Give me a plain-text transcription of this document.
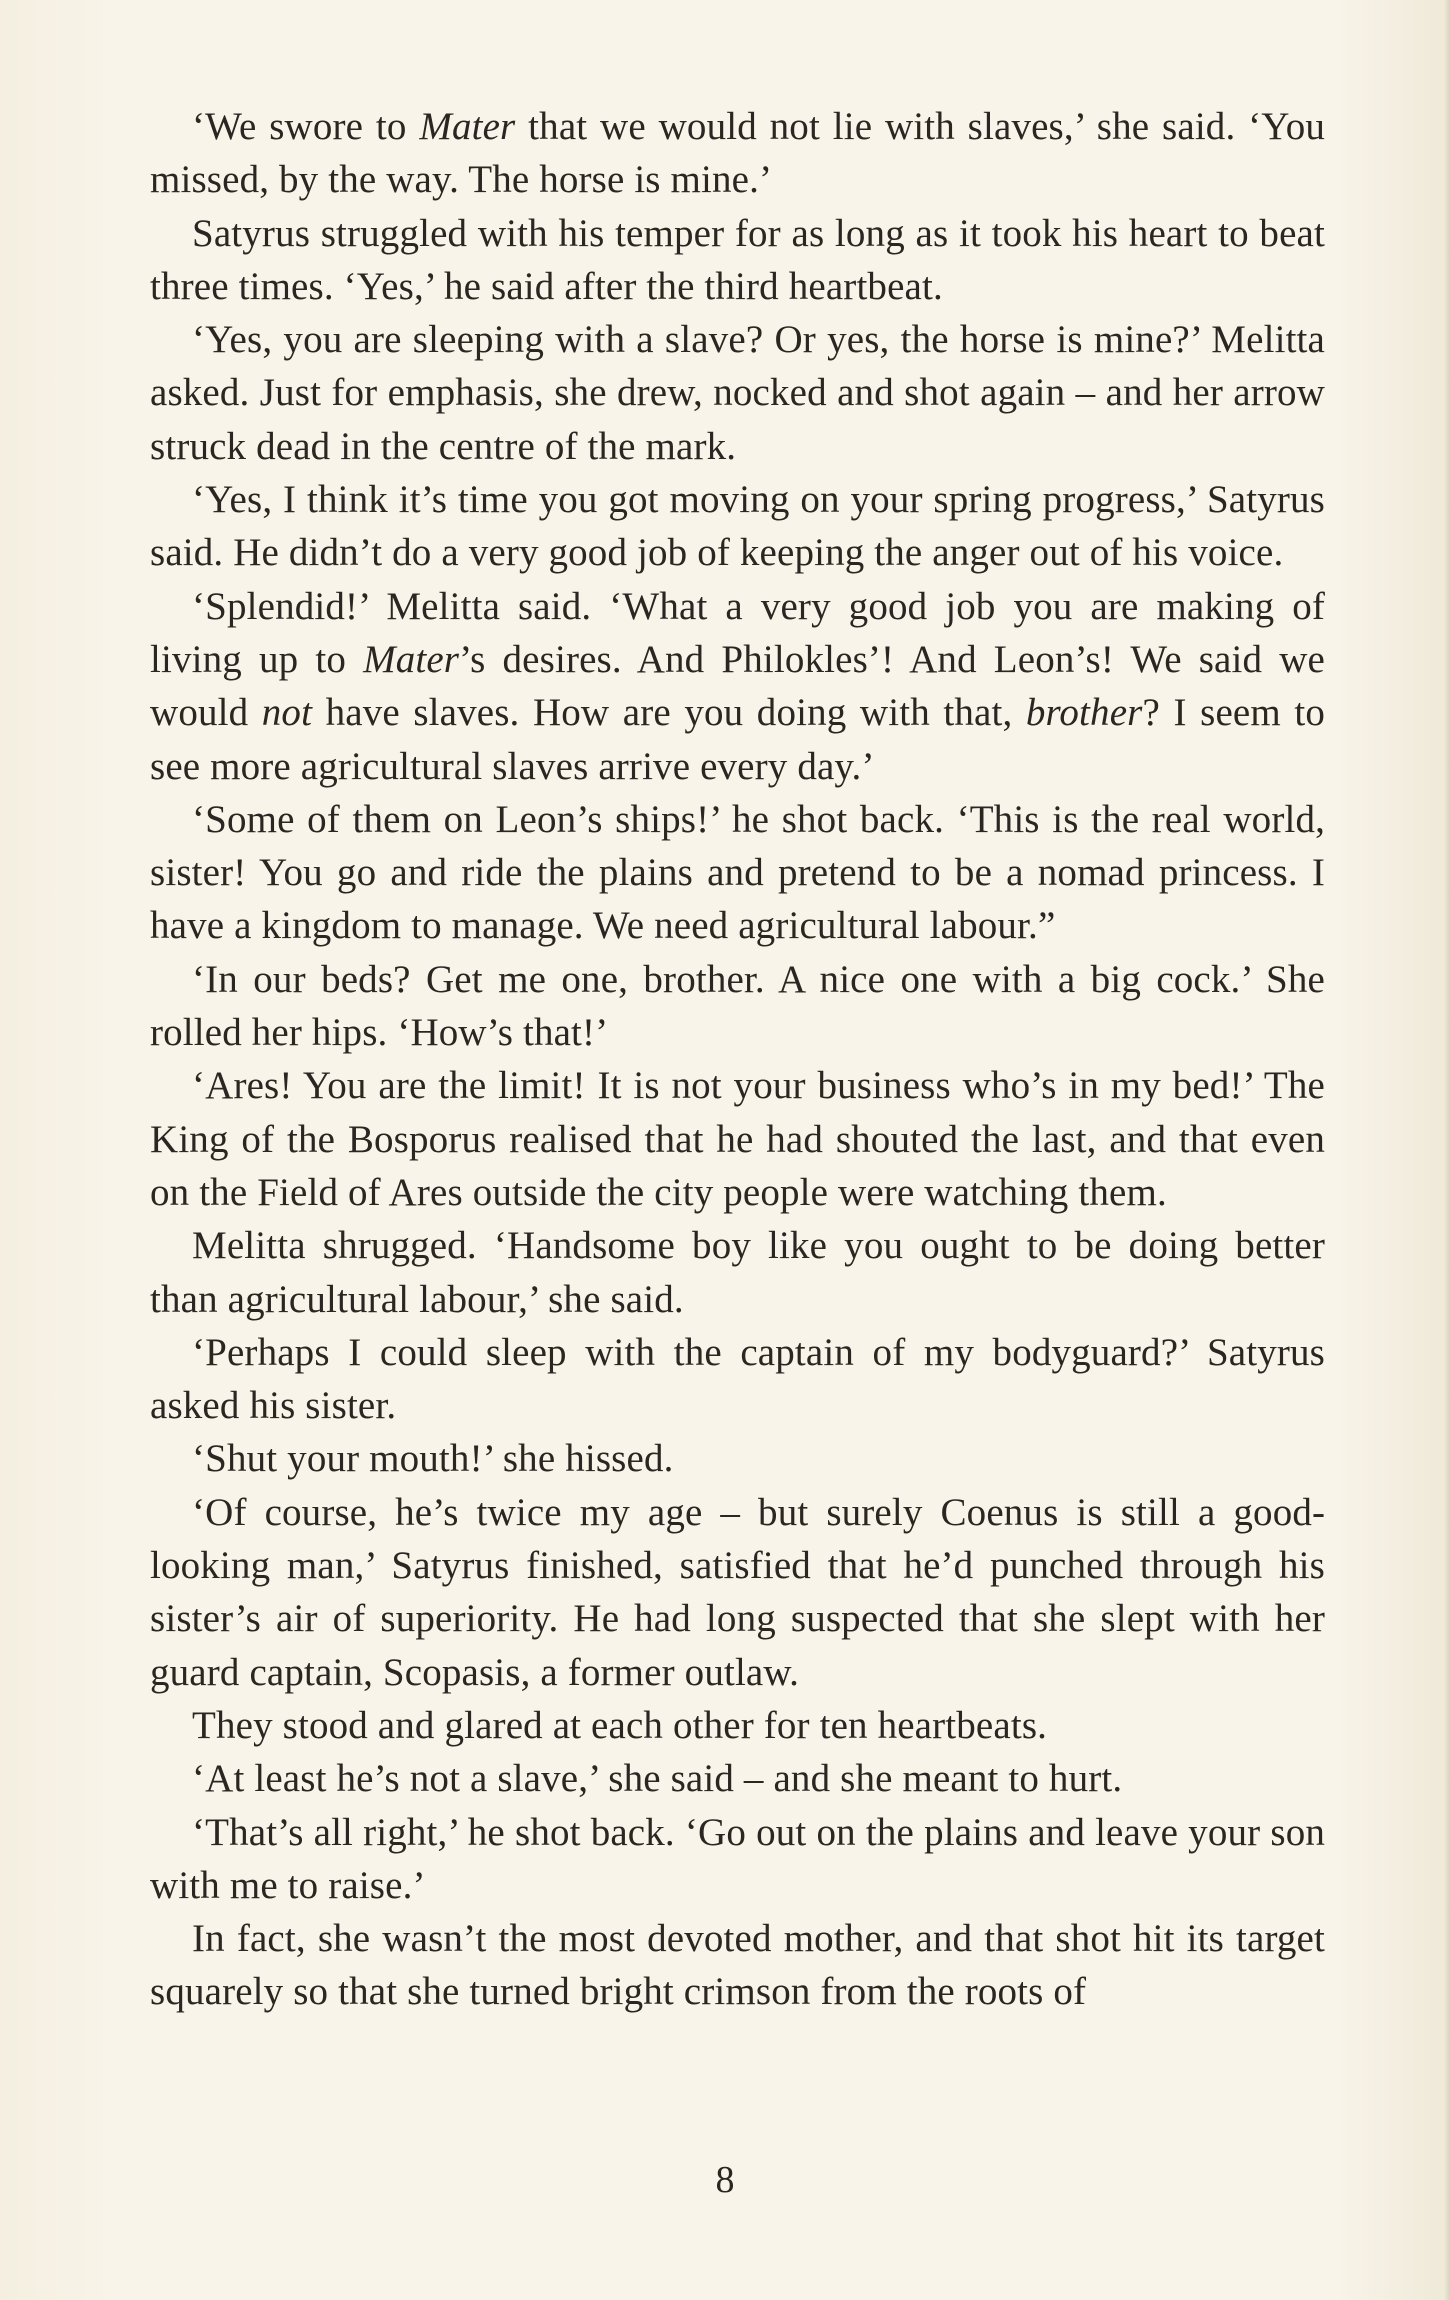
‘We swore to Mater that we would not lie with slaves,’ she said. ‘You missed, by the way. The horse is mine.’

Satyrus struggled with his temper for as long as it took his heart to beat three times. ‘Yes,’ he said after the third heartbeat.

‘Yes, you are sleeping with a slave? Or yes, the horse is mine?’ Melitta asked. Just for emphasis, she drew, nocked and shot again – and her arrow struck dead in the centre of the mark.

‘Yes, I think it’s time you got moving on your spring progress,’ Satyrus said. He didn’t do a very good job of keeping the anger out of his voice.

‘Splendid!’ Melitta said. ‘What a very good job you are making of living up to Mater’s desires. And Philokles’! And Leon’s! We said we would not have slaves. How are you doing with that, brother? I seem to see more agricultural slaves arrive every day.’

‘Some of them on Leon’s ships!’ he shot back. ‘This is the real world, sister! You go and ride the plains and pretend to be a nomad princess. I have a kingdom to manage. We need agricultural labour.”

‘In our beds? Get me one, brother. A nice one with a big cock.’ She rolled her hips. ‘How’s that!’

‘Ares! You are the limit! It is not your business who’s in my bed!’ The King of the Bosporus realised that he had shouted the last, and that even on the Field of Ares outside the city people were watching them.

Melitta shrugged. ‘Handsome boy like you ought to be doing better than agricultural labour,’ she said.

‘Perhaps I could sleep with the captain of my bodyguard?’ Satyrus asked his sister.

‘Shut your mouth!’ she hissed.

‘Of course, he’s twice my age – but surely Coenus is still a goodlooking man,’ Satyrus finished, satisfied that he’d punched through his sister’s air of superiority. He had long suspected that she slept with her guard captain, Scopasis, a former outlaw.

They stood and glared at each other for ten heartbeats.

‘At least he’s not a slave,’ she said – and she meant to hurt.

‘That’s all right,’ he shot back. ‘Go out on the plains and leave your son with me to raise.’

In fact, she wasn’t the most devoted mother, and that shot hit its target squarely so that she turned bright crimson from the roots of

8
